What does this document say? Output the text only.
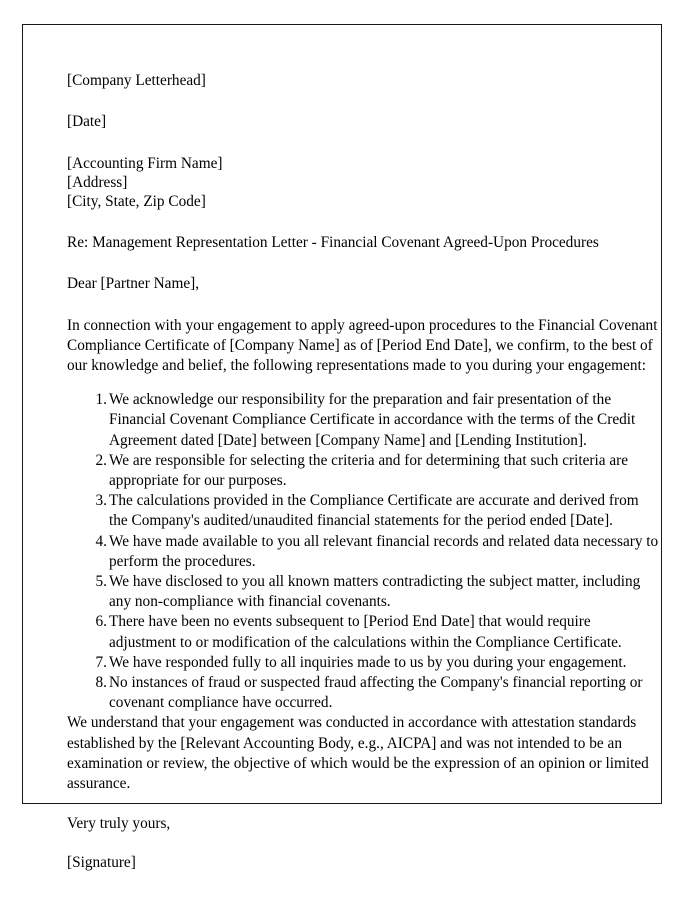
[Company Letterhead]

[Date]

[Accounting Firm Name]

[Address]

[City, State, Zip Code]

Re: Management Representation Letter - Financial Covenant Agreed-Upon Procedures

Dear [Partner Name],

In connection with your engagement to apply agreed-upon procedures to the Financial Covenant Compliance Certificate of [Company Name] as of [Period End Date], we confirm, to the best of our knowledge and belief, the following representations made to you during your engagement:

We acknowledge our responsibility for the preparation and fair presentation of the Financial Covenant Compliance Certificate in accordance with the terms of the Credit Agreement dated [Date] between [Company Name] and [Lending Institution].
We are responsible for selecting the criteria and for determining that such criteria are appropriate for our purposes.
The calculations provided in the Compliance Certificate are accurate and derived from the Company's audited/unaudited financial statements for the period ended [Date].
We have made available to you all relevant financial records and related data necessary to perform the procedures.
We have disclosed to you all known matters contradicting the subject matter, including any non-compliance with financial covenants.
There have been no events subsequent to [Period End Date] that would require adjustment to or modification of the calculations within the Compliance Certificate.
We have responded fully to all inquiries made to us by you during your engagement.
No instances of fraud or suspected fraud affecting the Company's financial reporting or covenant compliance have occurred.

We understand that your engagement was conducted in accordance with attestation standards established by the [Relevant Accounting Body, e.g., AICPA] and was not intended to be an examination or review, the objective of which would be the expression of an opinion or limited assurance.

Very truly yours,

[Signature]
